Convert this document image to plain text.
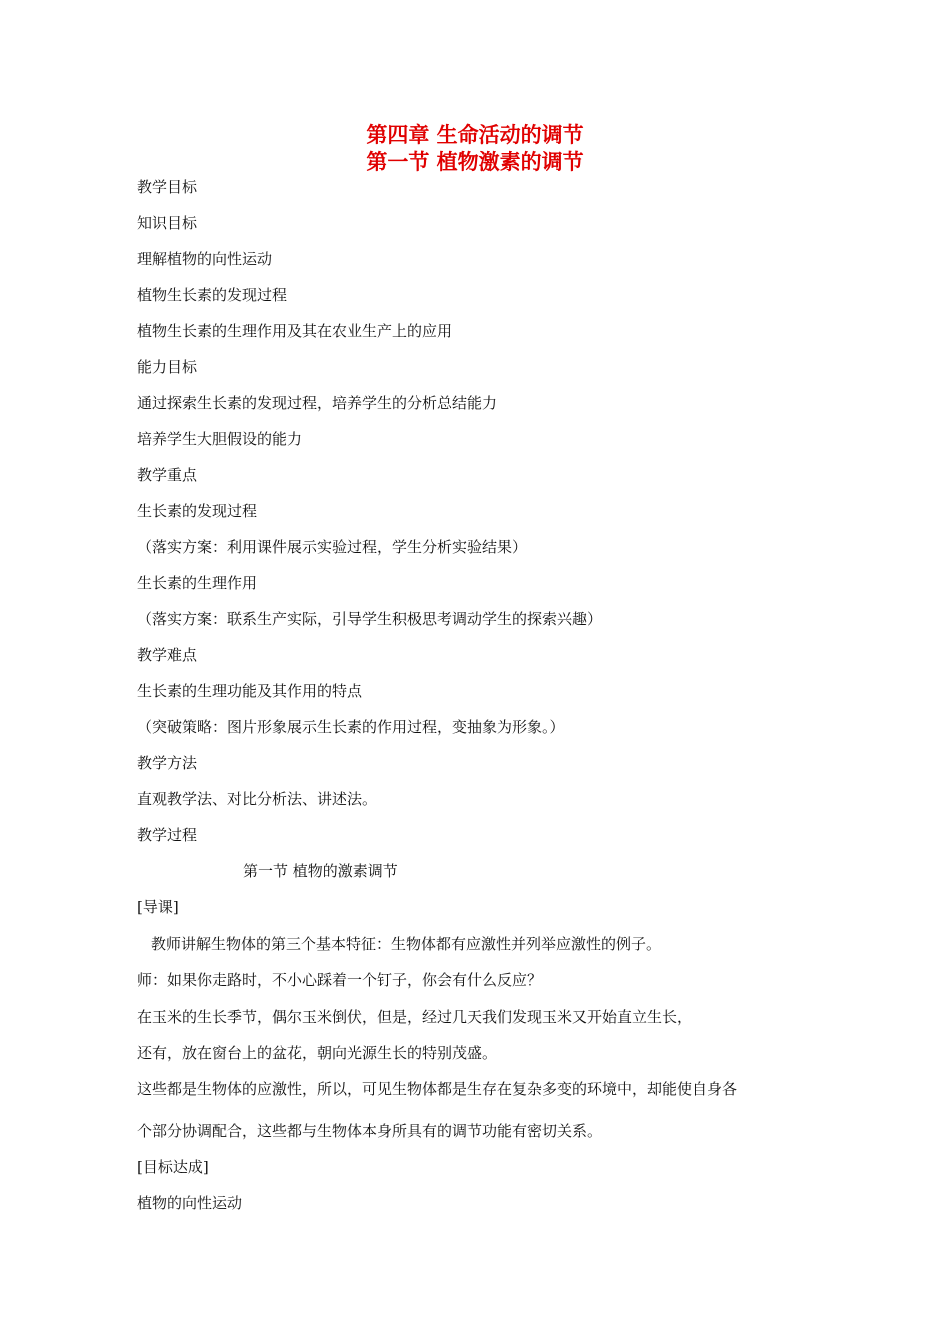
第四章 生命活动的调节
第一节 植物激素的调节
教学目标
知识目标
理解植物的向性运动
植物生长素的发现过程
植物生长素的生理作用及其在农业生产上的应用
能力目标
通过探索生长素的发现过程，培养学生的分析总结能力
培养学生大胆假设的能力
教学重点
生长素的发现过程
（落实方案：利用课件展示实验过程，学生分析实验结果）
生长素的生理作用
（落实方案：联系生产实际，引导学生积极思考调动学生的探索兴趣）
教学难点
生长素的生理功能及其作用的特点
（突破策略：图片形象展示生长素的作用过程，变抽象为形象。）
教学方法
直观教学法、对比分析法、讲述法。
教学过程
第一节 植物的激素调节
[导课]
教师讲解生物体的第三个基本特征：生物体都有应激性并列举应激性的例子。
师：如果你走路时，不小心踩着一个钉子，你会有什么反应？
在玉米的生长季节，偶尔玉米倒伏，但是，经过几天我们发现玉米又开始直立生长，
还有，放在窗台上的盆花，朝向光源生长的特别茂盛。
这些都是生物体的应激性，所以，可见生物体都是生存在复杂多变的环境中，却能使自身各
个部分协调配合，这些都与生物体本身所具有的调节功能有密切关系。
[目标达成]
植物的向性运动
